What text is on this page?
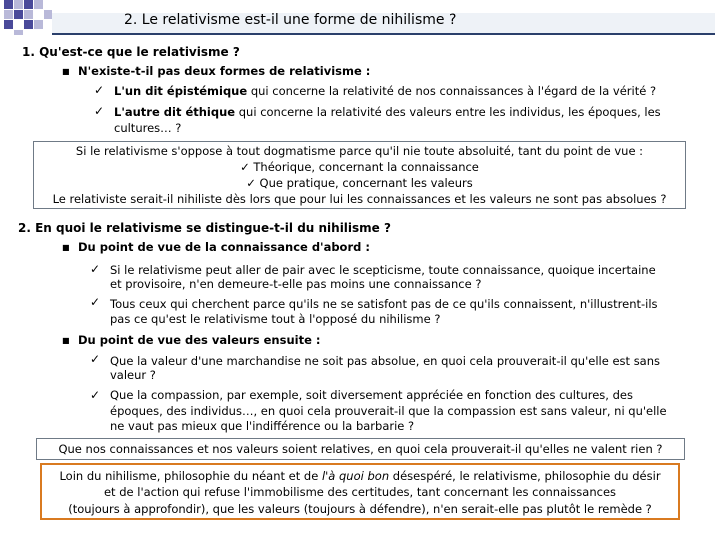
2. Le relativisme est-il une forme de nihilisme ?
1. Qu'est-ce que le relativisme ?
■ N'existe-t-il pas deux formes de relativisme :
✓ L'un dit épistémique qui concerne la relativité de nos connaissances à l'égard de la vérité ?
✓ L'autre dit éthique qui concerne la relativité des valeurs entre les individus, les époques, les
cultures… ?
Si le relativisme s'oppose à tout dogmatisme parce qu'il nie toute absoluité, tant du point de vue :
✓ Théorique, concernant la connaissance
✓ Que pratique, concernant les valeurs
Le relativiste serait-il nihiliste dès lors que pour lui les connaissances et les valeurs ne sont pas absolues ?
2. En quoi le relativisme se distingue-t-il du nihilisme ?
■ Du point de vue de la connaissance d'abord :
✓ Si le relativisme peut aller de pair avec le scepticisme, toute connaissance, quoique incertaine
et provisoire, n'en demeure-t-elle pas moins une connaissance ?
✓ Tous ceux qui cherchent parce qu'ils ne se satisfont pas de ce qu'ils connaissent, n'illustrent-ils
pas ce qu'est le relativisme tout à l'opposé du nihilisme ?
■ Du point de vue des valeurs ensuite :
✓ Que la valeur d'une marchandise ne soit pas absolue, en quoi cela prouverait-il qu'elle est sans
valeur ?
✓ Que la compassion, par exemple, soit diversement appréciée en fonction des cultures, des
époques, des individus…, en quoi cela prouverait-il que la compassion est sans valeur, ni qu'elle
ne vaut pas mieux que l'indifférence ou la barbarie ?
Que nos connaissances et nos valeurs soient relatives, en quoi cela prouverait-il qu'elles ne valent rien ?
Loin du nihilisme, philosophie du néant et de l'à quoi bon désespéré, le relativisme, philosophie du désir
et de l'action qui refuse l'immobilisme des certitudes, tant concernant les connaissances
(toujours à approfondir), que les valeurs (toujours à défendre), n'en serait-elle pas plutôt le remède ?
